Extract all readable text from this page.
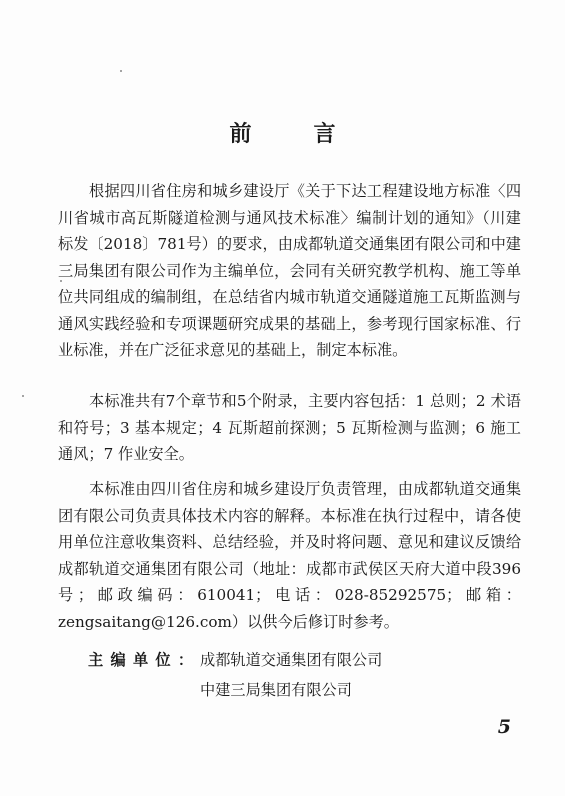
前　言

根据四川省住房和城乡建设厅《关于下达工程建设地方标准〈四川省城市高瓦斯隧道检测与通风技术标准〉编制计划的通知》（川建标发〔2018〕781号）的要求，由成都轨道交通集团有限公司和中建三局集团有限公司作为主编单位，会同有关研究教学机构、施工等单位共同组成的编制组，在总结省内城市轨道交通隧道施工瓦斯监测与通风实践经验和专项课题研究成果的基础上，参考现行国家标准、行业标准，并在广泛征求意见的基础上，制定本标准。

本标准共有7个章节和5个附录，主要内容包括：1 总则；2 术语和符号；3 基本规定；4 瓦斯超前探测；5 瓦斯检测与监测；6 施工通风；7 作业安全。

本标准由四川省住房和城乡建设厅负责管理，由成都轨道交通集团有限公司负责具体技术内容的解释。本标准在执行过程中，请各使用单位注意收集资料、总结经验，并及时将问题、意见和建议反馈给成都轨道交通集团有限公司（地址：成都市武侯区天府大道中段396号；邮政编码：610041；电话：028-85292575；邮箱：zengsaitang@126.com）以供今后修订时参考。

主 编 单 位 ： 成都轨道交通集团有限公司
中建三局集团有限公司
5
